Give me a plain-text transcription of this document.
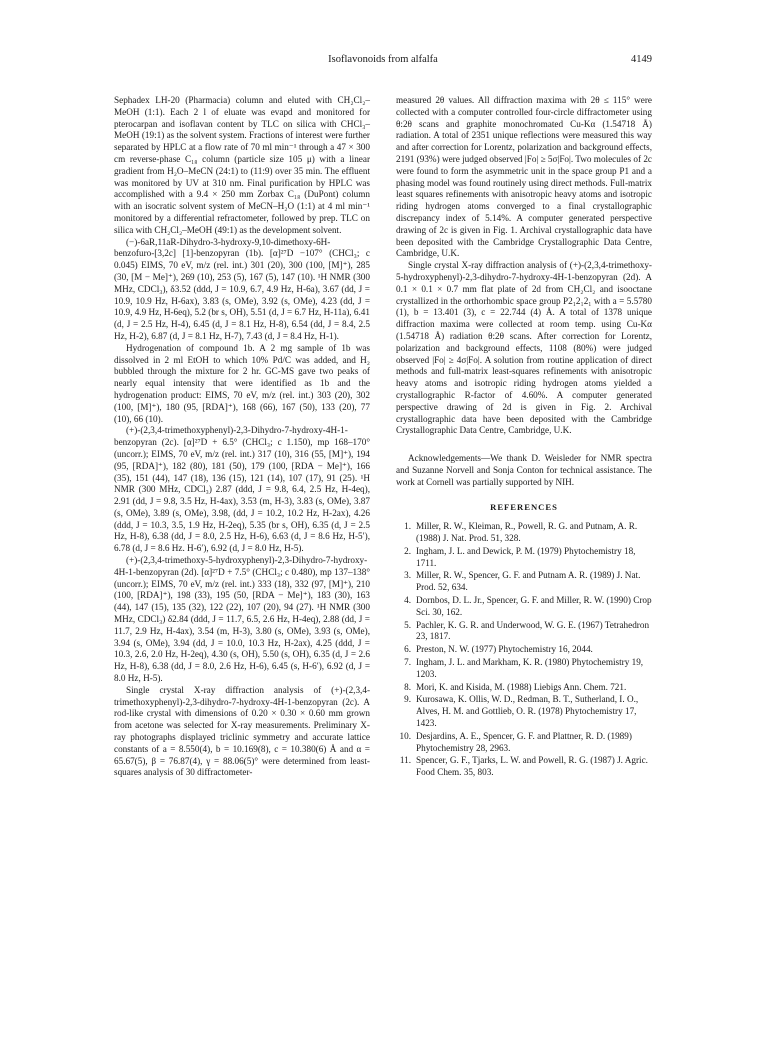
Isoflavonoids from alfalfa	4149

Sephadex LH-20 (Pharmacia) column and eluted with CH₂Cl₂–MeOH (1:1). Each 2 l of eluate was evapd and monitored for pterocarpan and isoflavan content by TLC on silica with CHCl₃–MeOH (19:1) as the solvent system. Fractions of interest were further separated by HPLC at a flow rate of 70 ml min⁻¹ through a 47 × 300 cm reverse-phase C₁₈ column (particle size 105 μ) with a linear gradient from H₂O–MeCN (24:1) to (11:9) over 35 min. The effluent was monitored by UV at 310 nm. Final purification by HPLC was accomplished with a 9.4 × 250 mm Zorbax C₁₈ (DuPont) column with an isocratic solvent system of MeCN–H₂O (1:1) at 4 ml min⁻¹ monitored by a differential refractometer, followed by prep. TLC on silica with CH₂Cl₂–MeOH (49:1) as the development solvent.

(−)-6aR,11aR-Dihydro-3-hydroxy-9,10-dimethoxy-6H-benzofuro-[3,2c] [1]-benzopyran (1b). [α]²⁷D −107° (CHCl₃; c 0.045) EIMS, 70 eV, m/z (rel. int.) 301 (20), 300 (100, [M]⁺), 285 (30, [M − Me]⁺), 269 (10), 253 (5), 167 (5), 147 (10). ¹H NMR (300 MHz, CDCl₃), δ3.52 (ddd, J = 10.9, 6.7, 4.9 Hz, H-6a), 3.67 (dd, J = 10.9, 10.9 Hz, H-6ax), 3.83 (s, OMe), 3.92 (s, OMe), 4.23 (dd, J = 10.9, 4.9 Hz, H-6eq), 5.2 (br s, OH), 5.51 (d, J = 6.7 Hz, H-11a), 6.41 (d, J = 2.5 Hz, H-4), 6.45 (d, J = 8.1 Hz, H-8), 6.54 (dd, J = 8.4, 2.5 Hz, H-2), 6.87 (d, J = 8.1 Hz, H-7), 7.43 (d, J = 8.4 Hz, H-1).

Hydrogenation of compound 1b. A 2 mg sample of 1b was dissolved in 2 ml EtOH to which 10% Pd/C was added, and H₂ bubbled through the mixture for 2 hr. GC-MS gave two peaks of nearly equal intensity that were identified as 1b and the hydrogenation product: EIMS, 70 eV, m/z (rel. int.) 303 (20), 302 (100, [M]⁺), 180 (95, [RDA]⁺), 168 (66), 167 (50), 133 (20), 77 (10), 66 (10).

(+)-(2,3,4-trimethoxyphenyl)-2,3-Dihydro-7-hydroxy-4H-1-benzopyran (2c). [α]²⁷D + 6.5° (CHCl₃; c 1.150), mp 168–170° (uncorr.); EIMS, 70 eV, m/z (rel. int.) 317 (10), 316 (55, [M]⁺), 194 (95, [RDA]⁺), 182 (80), 181 (50), 179 (100, [RDA − Me]⁺), 166 (35), 151 (44), 147 (18), 136 (15), 121 (14), 107 (17), 91 (25). ¹H NMR (300 MHz, CDCl₃) 2.87 (ddd, J = 9.8, 6.4, 2.5 Hz, H-4eq), 2.91 (dd, J = 9.8, 3.5 Hz, H-4ax), 3.53 (m, H-3), 3.83 (s, OMe), 3.87 (s, OMe), 3.89 (s, OMe), 3.98, (dd, J = 10.2, 10.2 Hz, H-2ax), 4.26 (ddd, J = 10.3, 3.5, 1.9 Hz, H-2eq), 5.35 (br s, OH), 6.35 (d, J = 2.5 Hz, H-8), 6.38 (dd, J = 8.0, 2.5 Hz, H-6), 6.63 (d, J = 8.6 Hz, H-5′), 6.78 (d, J = 8.6 Hz. H-6′), 6.92 (d, J = 8.0 Hz, H-5).

(+)-(2,3,4-trimethoxy-5-hydroxyphenyl)-2,3-Dihydro-7-hydroxy-4H-1-benzopyran (2d). [α]²⁷D + 7.5° (CHCl₃; c 0.480), mp 137–138° (uncorr.); EIMS, 70 eV, m/z (rel. int.) 333 (18), 332 (97, [M]⁺), 210 (100, [RDA]⁺), 198 (33), 195 (50, [RDA − Me]⁺), 183 (30), 163 (44), 147 (15), 135 (32), 122 (22), 107 (20), 94 (27). ¹H NMR (300 MHz, CDCl₃) δ2.84 (ddd, J = 11.7, 6.5, 2.6 Hz, H-4eq), 2.88 (dd, J = 11.7, 2.9 Hz, H-4ax), 3.54 (m, H-3), 3.80 (s, OMe), 3.93 (s, OMe), 3.94 (s, OMe), 3.94 (dd, J = 10.0, 10.3 Hz, H-2ax), 4.25 (ddd, J = 10.3, 2.6, 2.0 Hz, H-2eq), 4.30 (s, OH), 5.50 (s, OH), 6.35 (d, J = 2.6 Hz, H-8), 6.38 (dd, J = 8.0, 2.6 Hz, H-6), 6.45 (s, H-6′), 6.92 (d, J = 8.0 Hz, H-5).

Single crystal X-ray diffraction analysis of (+)-(2,3,4-trimethoxyphenyl)-2,3-dihydro-7-hydroxy-4H-1-benzopyran (2c). A rod-like crystal with dimensions of 0.20 × 0.30 × 0.60 mm grown from acetone was selected for X-ray measurements. Preliminary X-ray photographs displayed triclinic symmetry and accurate lattice constants of a = 8.550(4), b = 10.169(8), c = 10.380(6) Å and α = 65.67(5), β = 76.87(4), γ = 88.06(5)° were determined from least-squares analysis of 30 diffractometer-

measured 2θ values. All diffraction maxima with 2θ ≤ 115° were collected with a computer controlled four-circle diffractometer using θ:2θ scans and graphite monochromated Cu-Kα (1.54718 Å) radiation. A total of 2351 unique reflections were measured this way and after correction for Lorentz, polarization and background effects, 2191 (93%) were judged observed |Fo| ≥ 5σ|Fo|. Two molecules of 2c were found to form the asymmetric unit in the space group P1 and a phasing model was found routinely using direct methods. Full-matrix least squares refinements with anisotropic heavy atoms and isotropic riding hydrogen atoms converged to a final crystallographic discrepancy index of 5.14%. A computer generated perspective drawing of 2c is given in Fig. 1. Archival crystallographic data have been deposited with the Cambridge Crystallographic Data Centre, Cambridge, U.K.

Single crystal X-ray diffraction analysis of (+)-(2,3,4-trimethoxy-5-hydroxyphenyl)-2,3-dihydro-7-hydroxy-4H-1-benzopyran (2d). A 0.1 × 0.1 × 0.7 mm flat plate of 2d from CH₂Cl₂ and isooctane crystallized in the orthorhombic space group P2₁2₁2₁ with a = 5.5780 (1), b = 13.401 (3), c = 22.744 (4) Å. A total of 1378 unique diffraction maxima were collected at room temp. using Cu-Kα (1.54718 Å) radiation θ:2θ scans. After correction for Lorentz, polarization and background effects, 1108 (80%) were judged observed |Fo| ≥ 4σ|Fo|. A solution from routine application of direct methods and full-matrix least-squares refinements with anisotropic heavy atoms and isotropic riding hydrogen atoms yielded a crystallographic R-factor of 4.60%. A computer generated perspective drawing of 2d is given in Fig. 2. Archival crystallographic data have been deposited with the Cambridge Crystallographic Data Centre, Cambridge, U.K.

Acknowledgements—We thank D. Weisleder for NMR spectra and Suzanne Norvell and Sonja Conton for technical assistance. The work at Cornell was partially supported by NIH.

REFERENCES
1. Miller, R. W., Kleiman, R., Powell, R. G. and Putnam, A. R. (1988) J. Nat. Prod. 51, 328.
2. Ingham, J. L. and Dewick, P. M. (1979) Phytochemistry 18, 1711.
3. Miller, R. W., Spencer, G. F. and Putnam A. R. (1989) J. Nat. Prod. 52, 634.
4. Dornbos, D. L. Jr., Spencer, G. F. and Miller, R. W. (1990) Crop Sci. 30, 162.
5. Pachler, K. G. R. and Underwood, W. G. E. (1967) Tetrahedron 23, 1817.
6. Preston, N. W. (1977) Phytochemistry 16, 2044.
7. Ingham, J. L. and Markham, K. R. (1980) Phytochemistry 19, 1203.
8. Mori, K. and Kisida, M. (1988) Liebigs Ann. Chem. 721.
9. Kurosawa, K. Ollis, W. D., Redman, B. T., Sutherland, I. O., Alves, H. M. and Gottlieb, O. R. (1978) Phytochemistry 17, 1423.
10. Desjardins, A. E., Spencer, G. F. and Plattner, R. D. (1989) Phytochemistry 28, 2963.
11. Spencer, G. F., Tjarks, L. W. and Powell, R. G. (1987) J. Agric. Food Chem. 35, 803.
